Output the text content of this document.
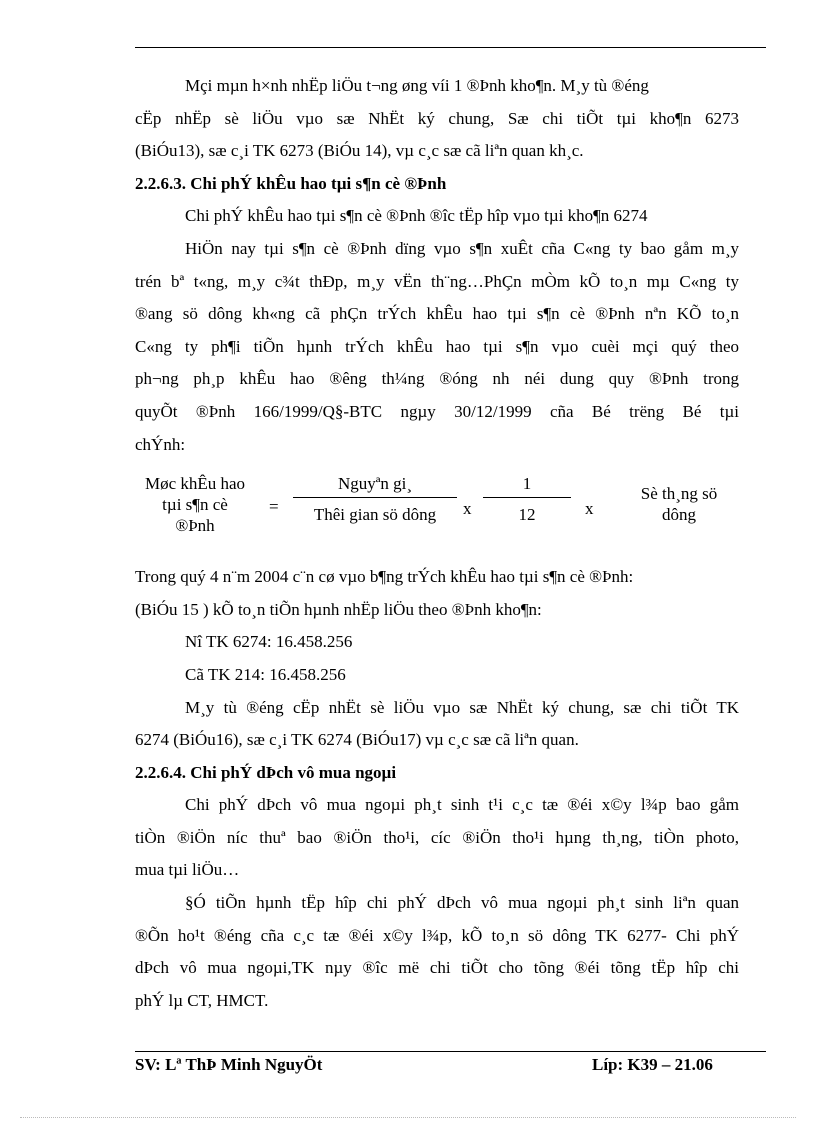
Mçi mµn h×nh nhËp liÖu t¬ng øng víi 1 ®Þnh kho¶n. M¸y tù ®éng
cËp nhËp sè liÖu vµo sæ NhËt ký chung, Sæ chi tiÕt tµi kho¶n 6273
(BiÓu13), sæ c¸i TK 6273 (BiÓu 14), vµ c¸c sæ cã liªn quan kh¸c.
2.2.6.3. Chi phÝ khÊu hao tµi s¶n cè ®Þnh
Chi phÝ khÊu hao tµi s¶n cè ®Þnh ®îc tËp hîp vµo tµi kho¶n 6274
HiÖn nay tµi s¶n cè ®Þnh dïng vµo s¶n xuÊt cña C«ng ty bao gåm m¸y
trén bª t«ng, m¸y c¾t thÐp, m¸y vËn th¨ng…PhÇn mÒm kÕ to¸n mµ C«ng ty
®ang sö dông kh«ng cã phÇn trÝch khÊu hao tµi s¶n cè ®Þnh nªn KÕ to¸n
C«ng ty ph¶i tiÕn hµnh trÝch khÊu hao tµi s¶n vµo cuèi mçi quý theo
ph¬ng ph¸p khÊu hao ®êng th¼ng ®óng nh néi dung quy ®Þnh trong
quyÕt ®Þnh 166/1999/Q§-BTC ngµy 30/12/1999 cña Bé trëng Bé tµi
chÝnh:
Møc khÊu hao
tµi s¶n cè
®Þnh
=
Nguyªn gi¸
Thêi gian sö dông	x $\frac{1}{12}$ x
Sè th¸ng sö
dông
Trong quý 4 n¨m 2004 c¨n cø vµo b¶ng trÝch khÊu hao tµi s¶n cè ®Þnh:
(BiÓu 15 ) kÕ to¸n tiÕn hµnh nhËp liÖu theo ®Þnh kho¶n:
Nî TK 6274: 16.458.256
Cã TK 214: 16.458.256
M¸y tù ®éng cËp nhËt sè liÖu vµo sæ NhËt ký chung, sæ chi tiÕt TK
6274 (BiÓu16), sæ c¸i TK 6274 (BiÓu17) vµ c¸c sæ cã liªn quan.
2.2.6.4. Chi phÝ dÞch vô mua ngoµi
Chi phÝ dÞch vô mua ngoµi ph¸t sinh t¹i c¸c tæ ®éi x©y l¾p bao gåm
tiÒn ®iÖn níc thuª bao ®iÖn tho¹i, cíc ®iÖn tho¹i hµng th¸ng, tiÒn photo,
mua tµi liÖu…
§Ó tiÕn hµnh tËp hîp chi phÝ dÞch vô mua ngoµi ph¸t sinh liªn quan
®Õn ho¹t ®éng cña c¸c tæ ®éi x©y l¾p, kÕ to¸n sö dông TK 6277- Chi phÝ
dÞch vô mua ngoµi,TK nµy ®îc më chi tiÕt cho tõng ®éi tõng tËp hîp chi
phÝ lµ CT, HMCT.
SV: Lª ThÞ Minh NguyÖt	Líp: K39 – 21.06
